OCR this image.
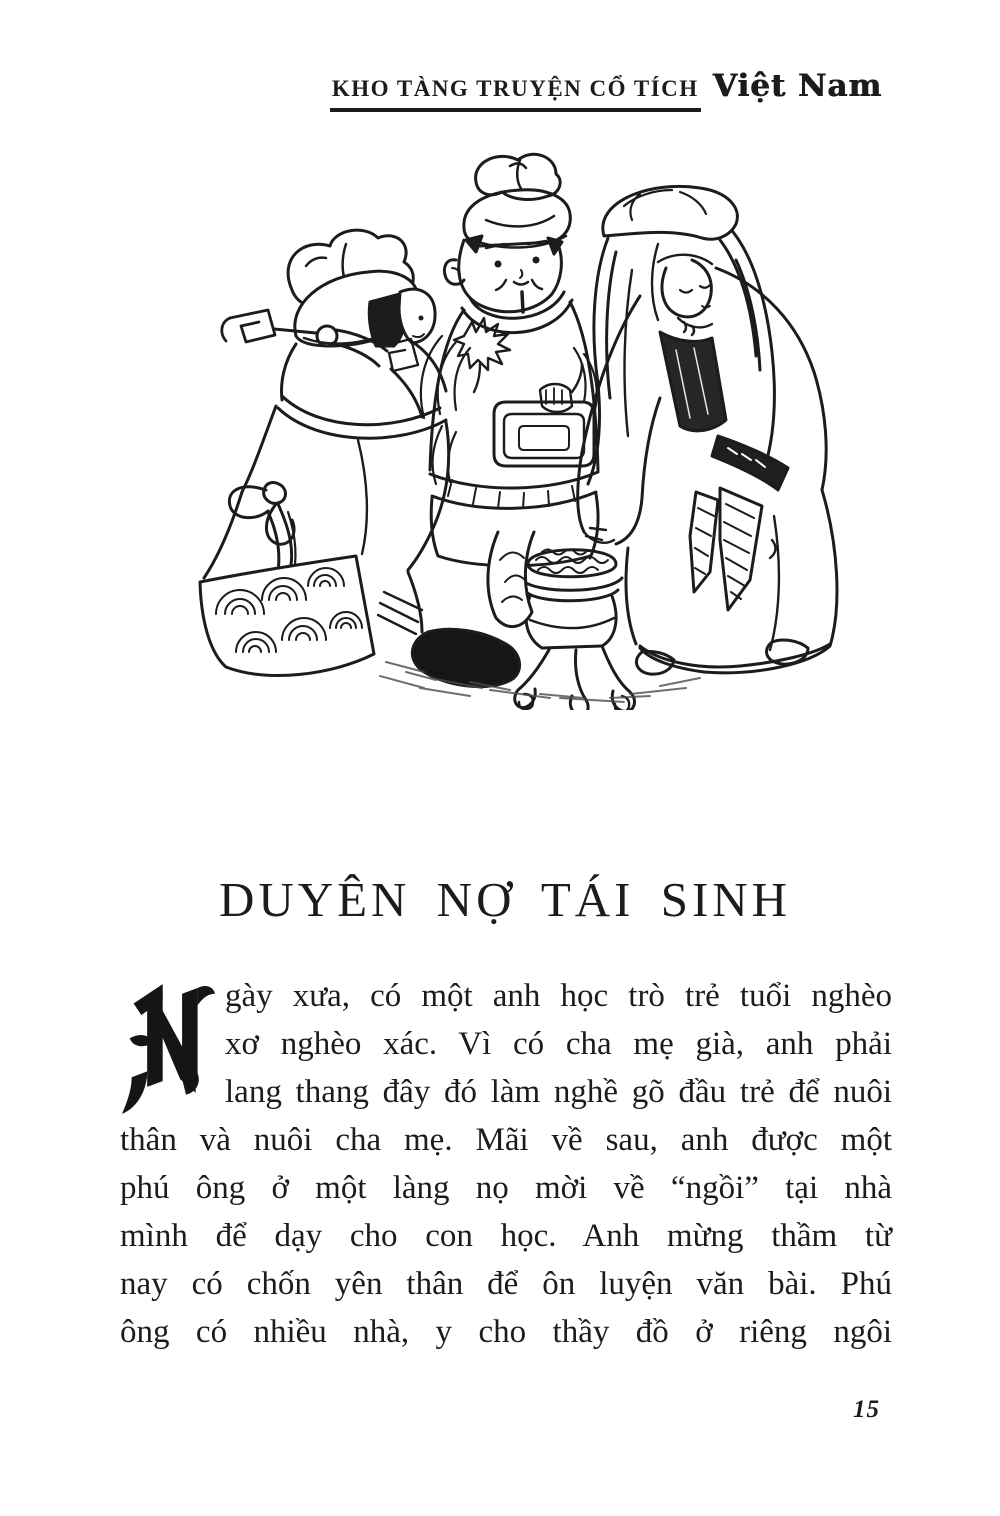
KHO TÀNG TRUYỆN CỔ TÍCH Việt Nam
DUYÊN NỢ TÁI SINH
gày xưa, có một anh học trò trẻ tuổi nghèo
xơ nghèo xác. Vì có cha mẹ già, anh phải
lang thang đây đó làm nghề gõ đầu trẻ để nuôi
thân và nuôi cha mẹ. Mãi về sau, anh được một
phú ông ở một làng nọ mời về “ngồi” tại nhà
mình để dạy cho con học. Anh mừng thầm từ
nay có chốn yên thân để ôn luyện văn bài. Phú
ông có nhiều nhà, y cho thầy đồ ở riêng ngôi
15
